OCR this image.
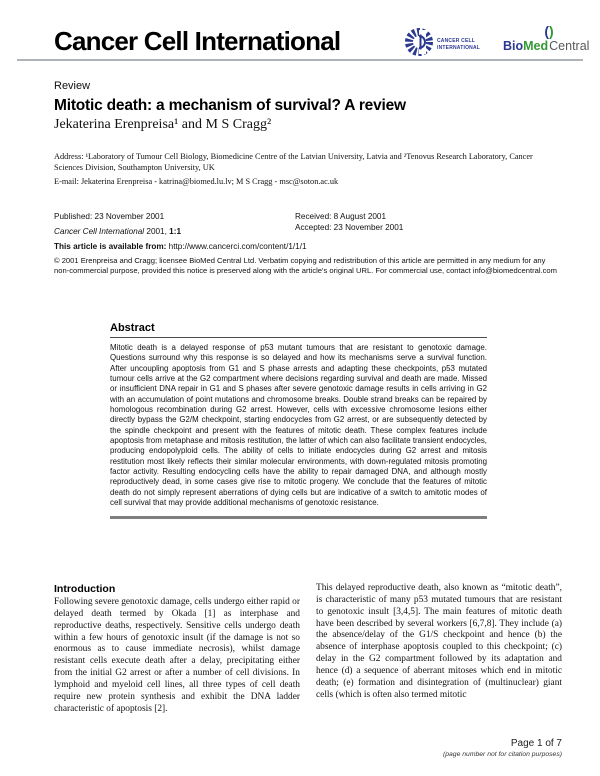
Cancer Cell International	CANCER CELL
INTERNATIONAL
()
BioMedCentral
Review
Mitotic death: a mechanism of survival? A review
Jekaterina Erenpreisa¹ and M S Cragg²
Address: ¹Laboratory of Tumour Cell Biology, Biomedicine Centre of the Latvian University, Latvia and ²Tenovus Research Laboratory, Cancer Sciences Division, Southampton University, UK
E-mail: Jekaterina Erenpreisa - katrina@biomed.lu.lv; M S Cragg - msc@soton.ac.uk
Published: 23 November 2001
Cancer Cell International 2001, 1:1
Received: 8 August 2001
Accepted: 23 November 2001
This article is available from: http://www.cancerci.com/content/1/1/1
© 2001 Erenpreisa and Cragg; licensee BioMed Central Ltd. Verbatim copying and redistribution of this article are permitted in any medium for any non-commercial purpose, provided this notice is preserved along with the article's original URL. For commercial use, contact info@biomedcentral.com
Abstract
Mitotic death is a delayed response of p53 mutant tumours that are resistant to genotoxic damage. Questions surround why this response is so delayed and how its mechanisms serve a survival function. After uncoupling apoptosis from G1 and S phase arrests and adapting these checkpoints, p53 mutated tumour cells arrive at the G2 compartment where decisions regarding survival and death are made. Missed or insufficient DNA repair in G1 and S phases after severe genotoxic damage results in cells arriving in G2 with an accumulation of point mutations and chromosome breaks. Double strand breaks can be repaired by homologous recombination during G2 arrest. However, cells with excessive chromosome lesions either directly bypass the G2/M checkpoint, starting endocycles from G2 arrest, or are subsequently detected by the spindle checkpoint and present with the features of mitotic death. These complex features include apoptosis from metaphase and mitosis restitution, the latter of which can also facilitate transient endocycles, producing endopolyploid cells. The ability of cells to initiate endocycles during G2 arrest and mitosis restitution most likely reflects their similar molecular environments, with down-regulated mitosis promoting factor activity. Resulting endocycling cells have the ability to repair damaged DNA, and although mostly reproductively dead, in some cases give rise to mitotic progeny. We conclude that the features of mitotic death do not simply represent aberrations of dying cells but are indicative of a switch to amitotic modes of cell survival that may provide additional mechanisms of genotoxic resistance.
Introduction
Following severe genotoxic damage, cells undergo either rapid or delayed death termed by Okada [1] as interphase and reproductive deaths, respectively. Sensitive cells undergo death within a few hours of genotoxic insult (if the damage is not so enormous as to cause immediate necrosis), whilst damage resistant cells execute death after a delay, precipitating either from the initial G2 arrest or after a number of cell divisions. In lymphoid and myeloid cell lines, all three types of cell death require new protein synthesis and exhibit the DNA ladder characteristic of apoptosis [2].
This delayed reproductive death, also known as “mitotic death”, is characteristic of many p53 mutated tumours that are resistant to genotoxic insult [3,4,5]. The main features of mitotic death have been described by several workers [6,7,8]. They include (a) the absence/delay of the G1/S checkpoint and hence (b) the absence of interphase apoptosis coupled to this checkpoint; (c) delay in the G2 compartment followed by its adaptation and hence (d) a sequence of aberrant mitoses which end in mitotic death; (e) formation and disintegration of (multinuclear) giant cells (which is often also termed mitotic
Page 1 of 7
(page number not for citation purposes)
